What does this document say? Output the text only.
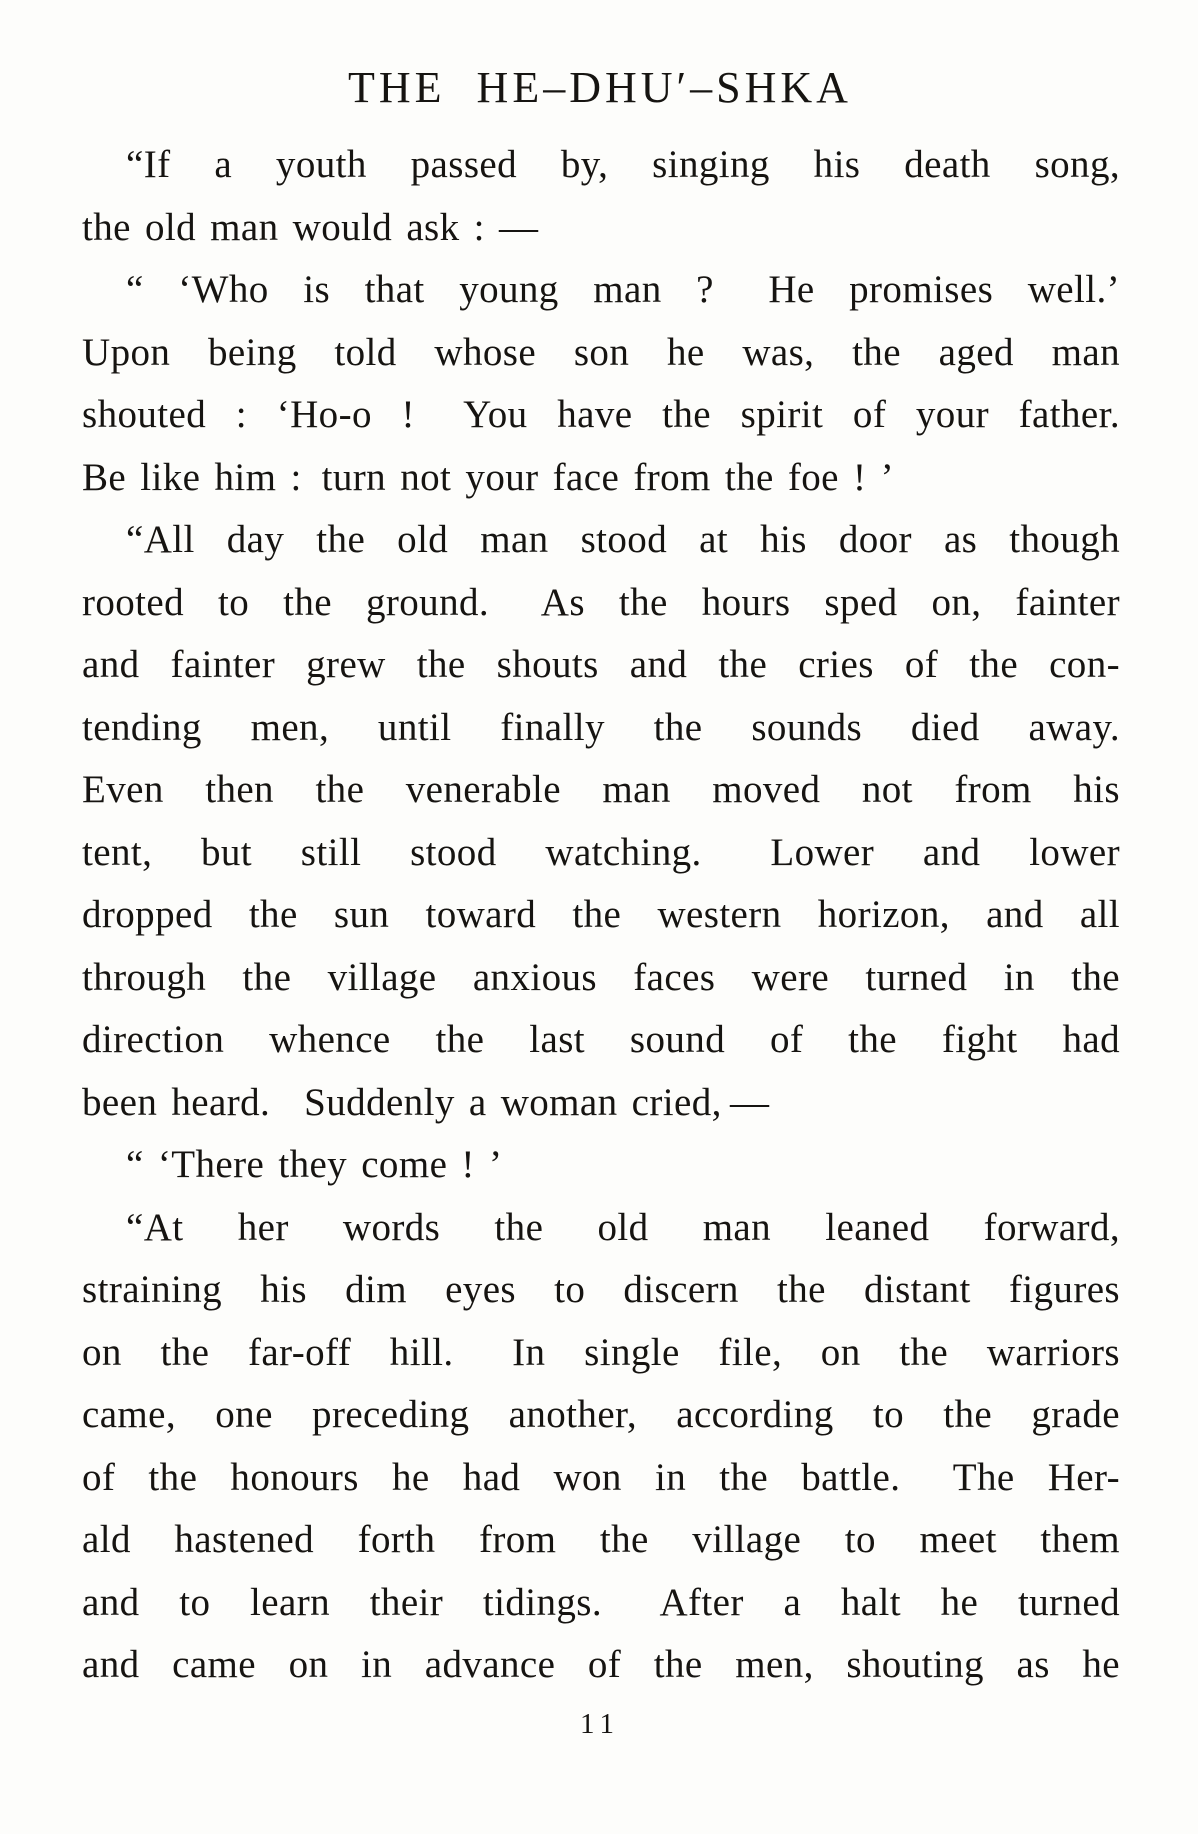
THE HE–DHU′–SHKA
“If a youth passed by, singing his death song,
the old man would ask : —
“ ‘Who is that young man ?  He promises well.’
Upon being told whose son he was, the aged man
shouted : ‘Ho-o !  You have the spirit of your father.
Be like him : turn not your face from the foe ! ’
“All day the old man stood at his door as though
rooted to the ground.  As the hours sped on, fainter
and fainter grew the shouts and the cries of the con-
tending men, until finally the sounds died away.
Even then the venerable man moved not from his
tent, but still stood watching.  Lower and lower
dropped the sun toward the western horizon, and all
through the village anxious faces were turned in the
direction whence the last sound of the fight had
been heard.  Suddenly a woman cried, —
“ ‘There they come ! ’
“At her words the old man leaned forward,
straining his dim eyes to discern the distant figures
on the far-off hill.  In single file, on the warriors
came, one preceding another, according to the grade
of the honours he had won in the battle.  The Her-
ald hastened forth from the village to meet them
and to learn their tidings.  After a halt he turned
and came on in advance of the men, shouting as he
11
